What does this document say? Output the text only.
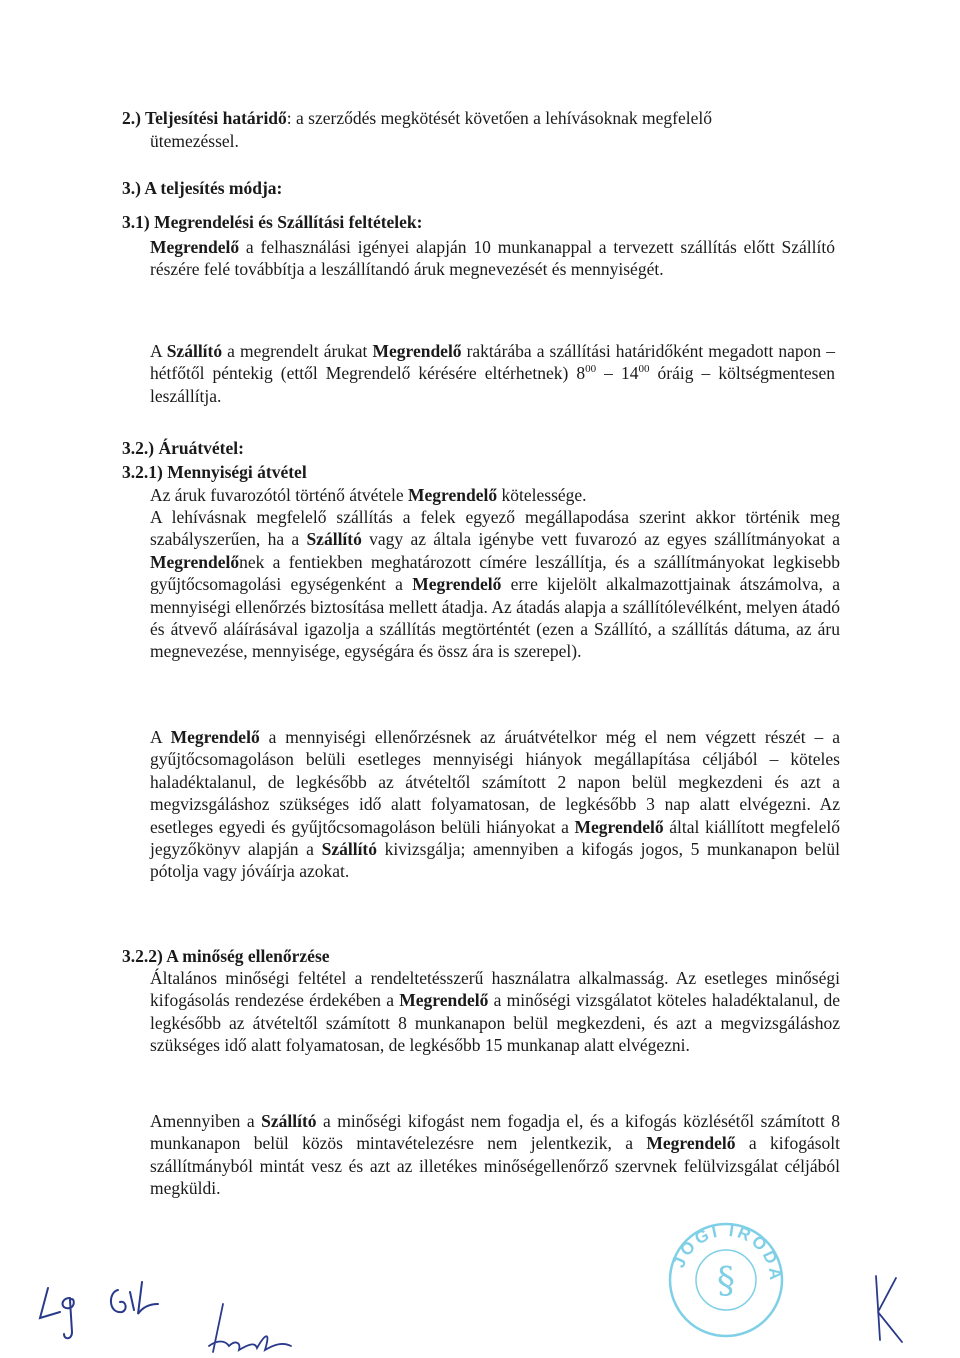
2.) Teljesítési határidő: a szerződés megkötését követően a lehívásoknak megfelelő
ütemezéssel.
3.) A teljesítés módja:
3.1) Megrendelési és Szállítási feltételek:
Megrendelő a felhasználási igényei alapján 10 munkanappal a tervezett szállítás előtt Szállító részére felé továbbítja a leszállítandó áruk megnevezését és mennyiségét.
A Szállító a megrendelt árukat Megrendelő raktárába a szállítási határidőként megadott napon – hétfőtől péntekig (ettől Megrendelő kérésére eltérhetnek) $8^{00} - 14^{00}$ óráig – költségmentesen leszállítja.
3.2.) Áruátvétel:
3.2.1) Mennyiségi átvétel
Az áruk fuvarozótól történő átvétele Megrendelő kötelessége.
A lehívásnak megfelelő szállítás a felek egyező megállapodása szerint akkor történik meg szabályszerűen, ha a Szállító vagy az általa igénybe vett fuvarozó az egyes szállítmányokat a Megrendelőnek a fentiekben meghatározott címére leszállítja, és a szállítmányokat legkisebb gyűjtőcsomagolási egységenként a Megrendelő erre kijelölt alkalmazottjainak átszámolva, a mennyiségi ellenőrzés biztosítása mellett átadja. Az átadás alapja a szállítólevélként, melyen átadó és átvevő aláírásával igazolja a szállítás megtörténtét (ezen a Szállító, a szállítás dátuma, az áru megnevezése, mennyisége, egységára és össz ára is szerepel).
A Megrendelő a mennyiségi ellenőrzésnek az áruátvételkor még el nem végzett részét – a gyűjtőcsomagoláson belüli esetleges mennyiségi hiányok megállapítása céljából – köteles haladéktalanul, de legkésőbb az átvételtől számított 2 napon belül megkezdeni és azt a megvizsgáláshoz szükséges idő alatt folyamatosan, de legkésőbb 3 nap alatt elvégezni. Az esetleges egyedi és gyűjtőcsomagoláson belüli hiányokat a Megrendelő által kiállított megfelelő jegyzőkönyv alapján a Szállító kivizsgálja; amennyiben a kifogás jogos, 5 munkanapon belül pótolja vagy jóváírja azokat.
3.2.2) A minőség ellenőrzése
Általános minőségi feltétel a rendeltetésszerű használatra alkalmasság. Az esetleges minőségi kifogásolás rendezése érdekében a Megrendelő a minőségi vizsgálatot köteles haladéktalanul, de legkésőbb az átvételtől számított 8 munkanapon belül megkezdeni, és azt a megvizsgáláshoz szükséges idő alatt folyamatosan, de legkésőbb 15 munkanap alatt elvégezni.
Amennyiben a Szállító a minőségi kifogást nem fogadja el, és a kifogás közlésétől számított 8 munkanapon belül közös mintavételezésre nem jelentkezik, a Megrendelő a kifogásolt szállítmányból mintát vesz és azt az illetékes minőségellenőrző szervnek felülvizsgálat céljából megküldi.
JOGI IRODA
§
